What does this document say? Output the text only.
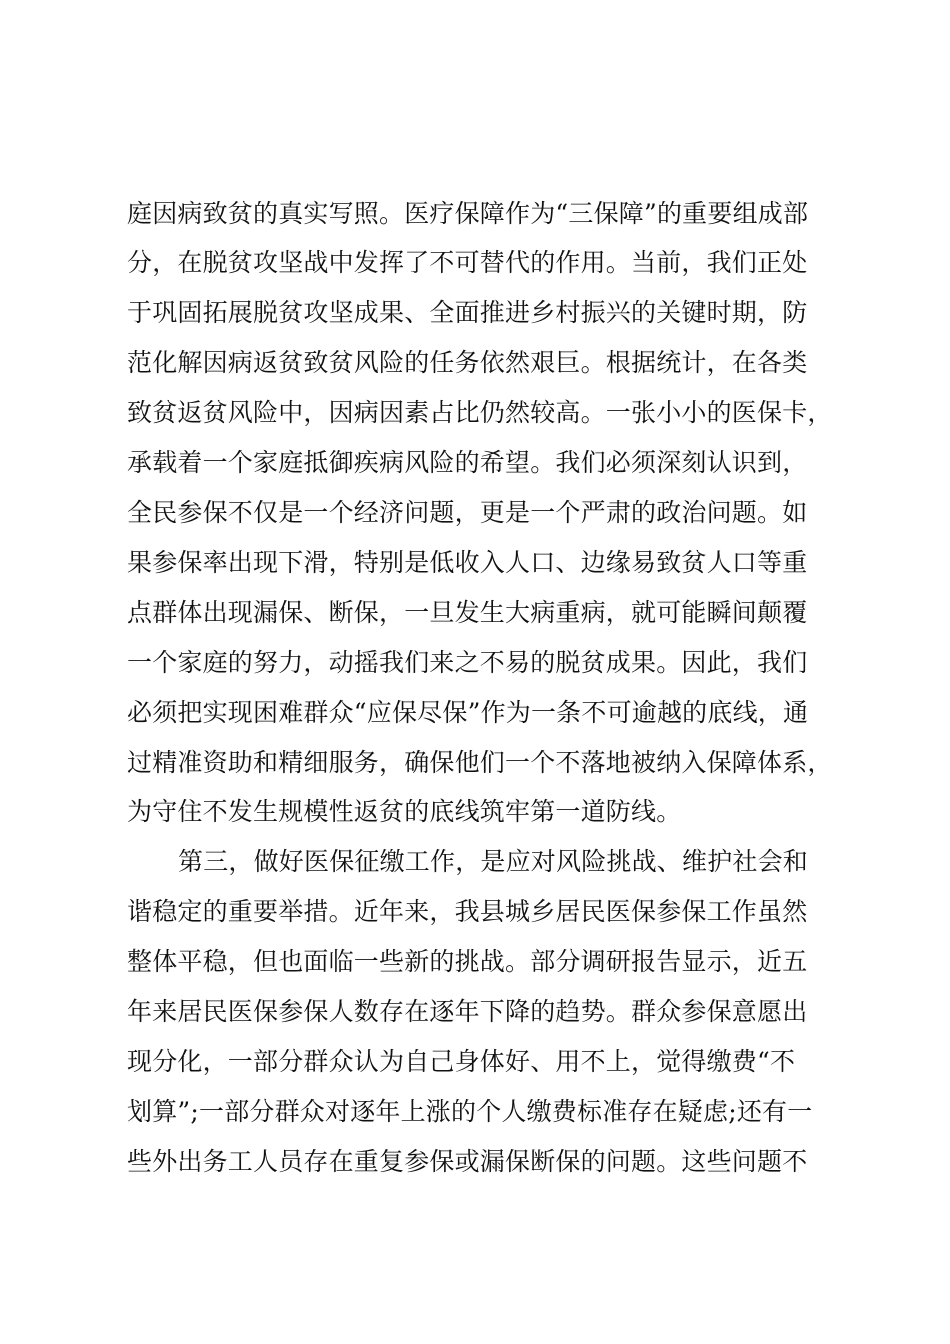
庭因病致贫的真实写照。医疗保障作为“三保障”的重要组成部
分，在脱贫攻坚战中发挥了不可替代的作用。当前，我们正处
于巩固拓展脱贫攻坚成果、全面推进乡村振兴的关键时期，防
范化解因病返贫致贫风险的任务依然艰巨。根据统计，在各类
致贫返贫风险中，因病因素占比仍然较高。一张小小的医保卡，
承载着一个家庭抵御疾病风险的希望。我们必须深刻认识到，
全民参保不仅是一个经济问题，更是一个严肃的政治问题。如
果参保率出现下滑，特别是低收入人口、边缘易致贫人口等重
点群体出现漏保、断保，一旦发生大病重病，就可能瞬间颠覆
一个家庭的努力，动摇我们来之不易的脱贫成果。因此，我们
必须把实现困难群众“应保尽保”作为一条不可逾越的底线，通
过精准资助和精细服务，确保他们一个不落地被纳入保障体系，
为守住不发生规模性返贫的底线筑牢第一道防线。
第三，做好医保征缴工作，是应对风险挑战、维护社会和
谐稳定的重要举措。近年来，我县城乡居民医保参保工作虽然
整体平稳，但也面临一些新的挑战。部分调研报告显示，近五
年来居民医保参保人数存在逐年下降的趋势。群众参保意愿出
现分化，一部分群众认为自己身体好、用不上，觉得缴费“不
划算”;一部分群众对逐年上涨的个人缴费标准存在疑虑;还有一
些外出务工人员存在重复参保或漏保断保的问题。这些问题不
